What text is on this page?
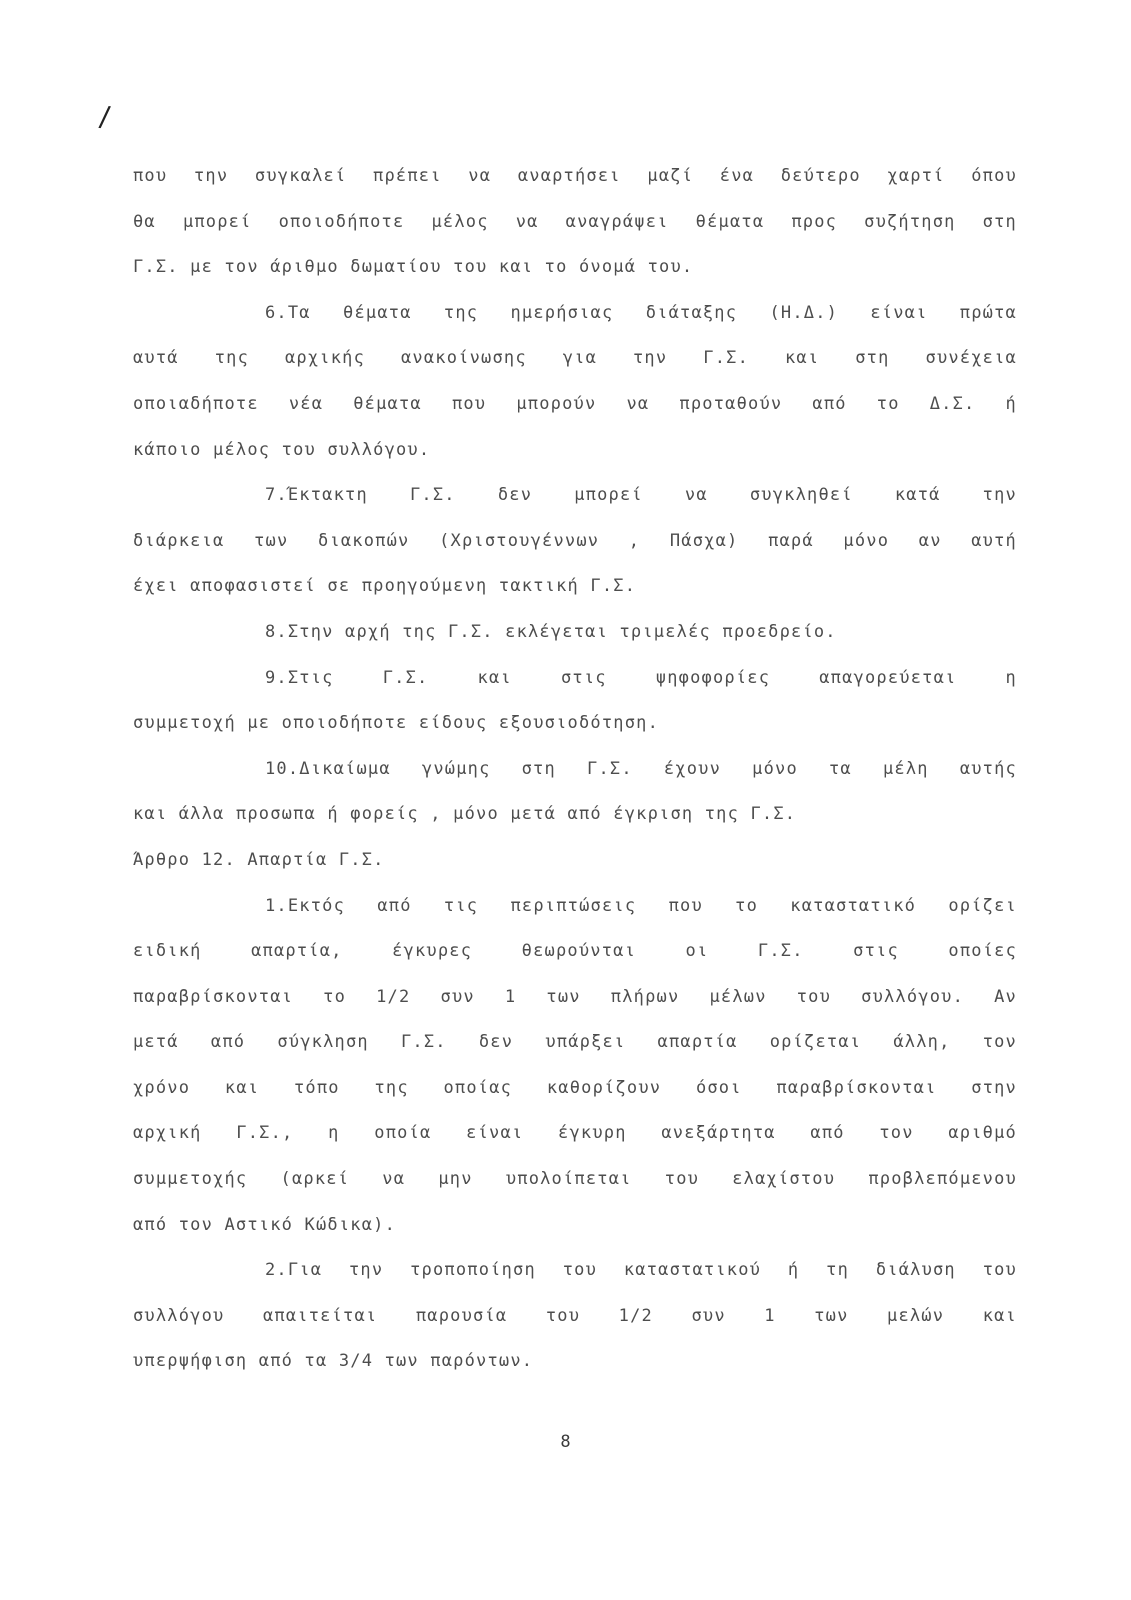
/
που την συγκαλεί πρέπει να αναρτήσει μαζί ένα δεύτερο χαρτί όπου
θα μπορεί οποιοδήποτε μέλος να αναγράψει θέματα προς συζήτηση στη
Γ.Σ. με τον άριθμο δωματίου του και το όνομά του.
6.Τα θέματα της ημερήσιας διάταξης (Η.Δ.) είναι πρώτα
αυτά της αρχικής ανακοίνωσης για την Γ.Σ. και στη συνέχεια
οποιαδήποτε νέα θέματα που μπορούν να προταθούν από το Δ.Σ. ή
κάποιο μέλος του συλλόγου.
7.Έκτακτη Γ.Σ. δεν μπορεί να συγκληθεί κατά την
διάρκεια των διακοπών (Χριστουγέννων , Πάσχα) παρά μόνο αν αυτή
έχει αποφασιστεί σε προηγούμενη τακτική Γ.Σ.
8.Στην αρχή της Γ.Σ. εκλέγεται τριμελές προεδρείο.
9.Στις Γ.Σ. και στις ψηφοφορίες απαγορεύεται η
συμμετοχή με οποιοδήποτε είδους εξουσιοδότηση.
10.Δικαίωμα γνώμης στη Γ.Σ. έχουν μόνο τα μέλη αυτής
και άλλα προσωπα ή φορείς , μόνο μετά από έγκριση της Γ.Σ.
Άρθρο 12. Απαρτία Γ.Σ.
1.Εκτός από τις περιπτώσεις που το καταστατικό ορίζει
ειδική απαρτία, έγκυρες θεωρούνται οι Γ.Σ. στις οποίες
παραβρίσκονται το 1/2 συν 1 των πλήρων μέλων του συλλόγου. Αν
μετά από σύγκληση Γ.Σ. δεν υπάρξει απαρτία ορίζεται άλλη, τον
χρόνο και τόπο της οποίας καθορίζουν όσοι παραβρίσκονται στην
αρχική Γ.Σ., η οποία είναι έγκυρη ανεξάρτητα από τον αριθμό
συμμετοχής (αρκεί να μην υπολοίπεται του ελαχίστου προβλεπόμενου
από τον Αστικό Κώδικα).
2.Για την τροποποίηση του καταστατικού ή τη διάλυση του
συλλόγου απαιτείται παρουσία του 1/2 συν 1 των μελών και
υπερψήφιση από τα 3/4 των παρόντων.
8
